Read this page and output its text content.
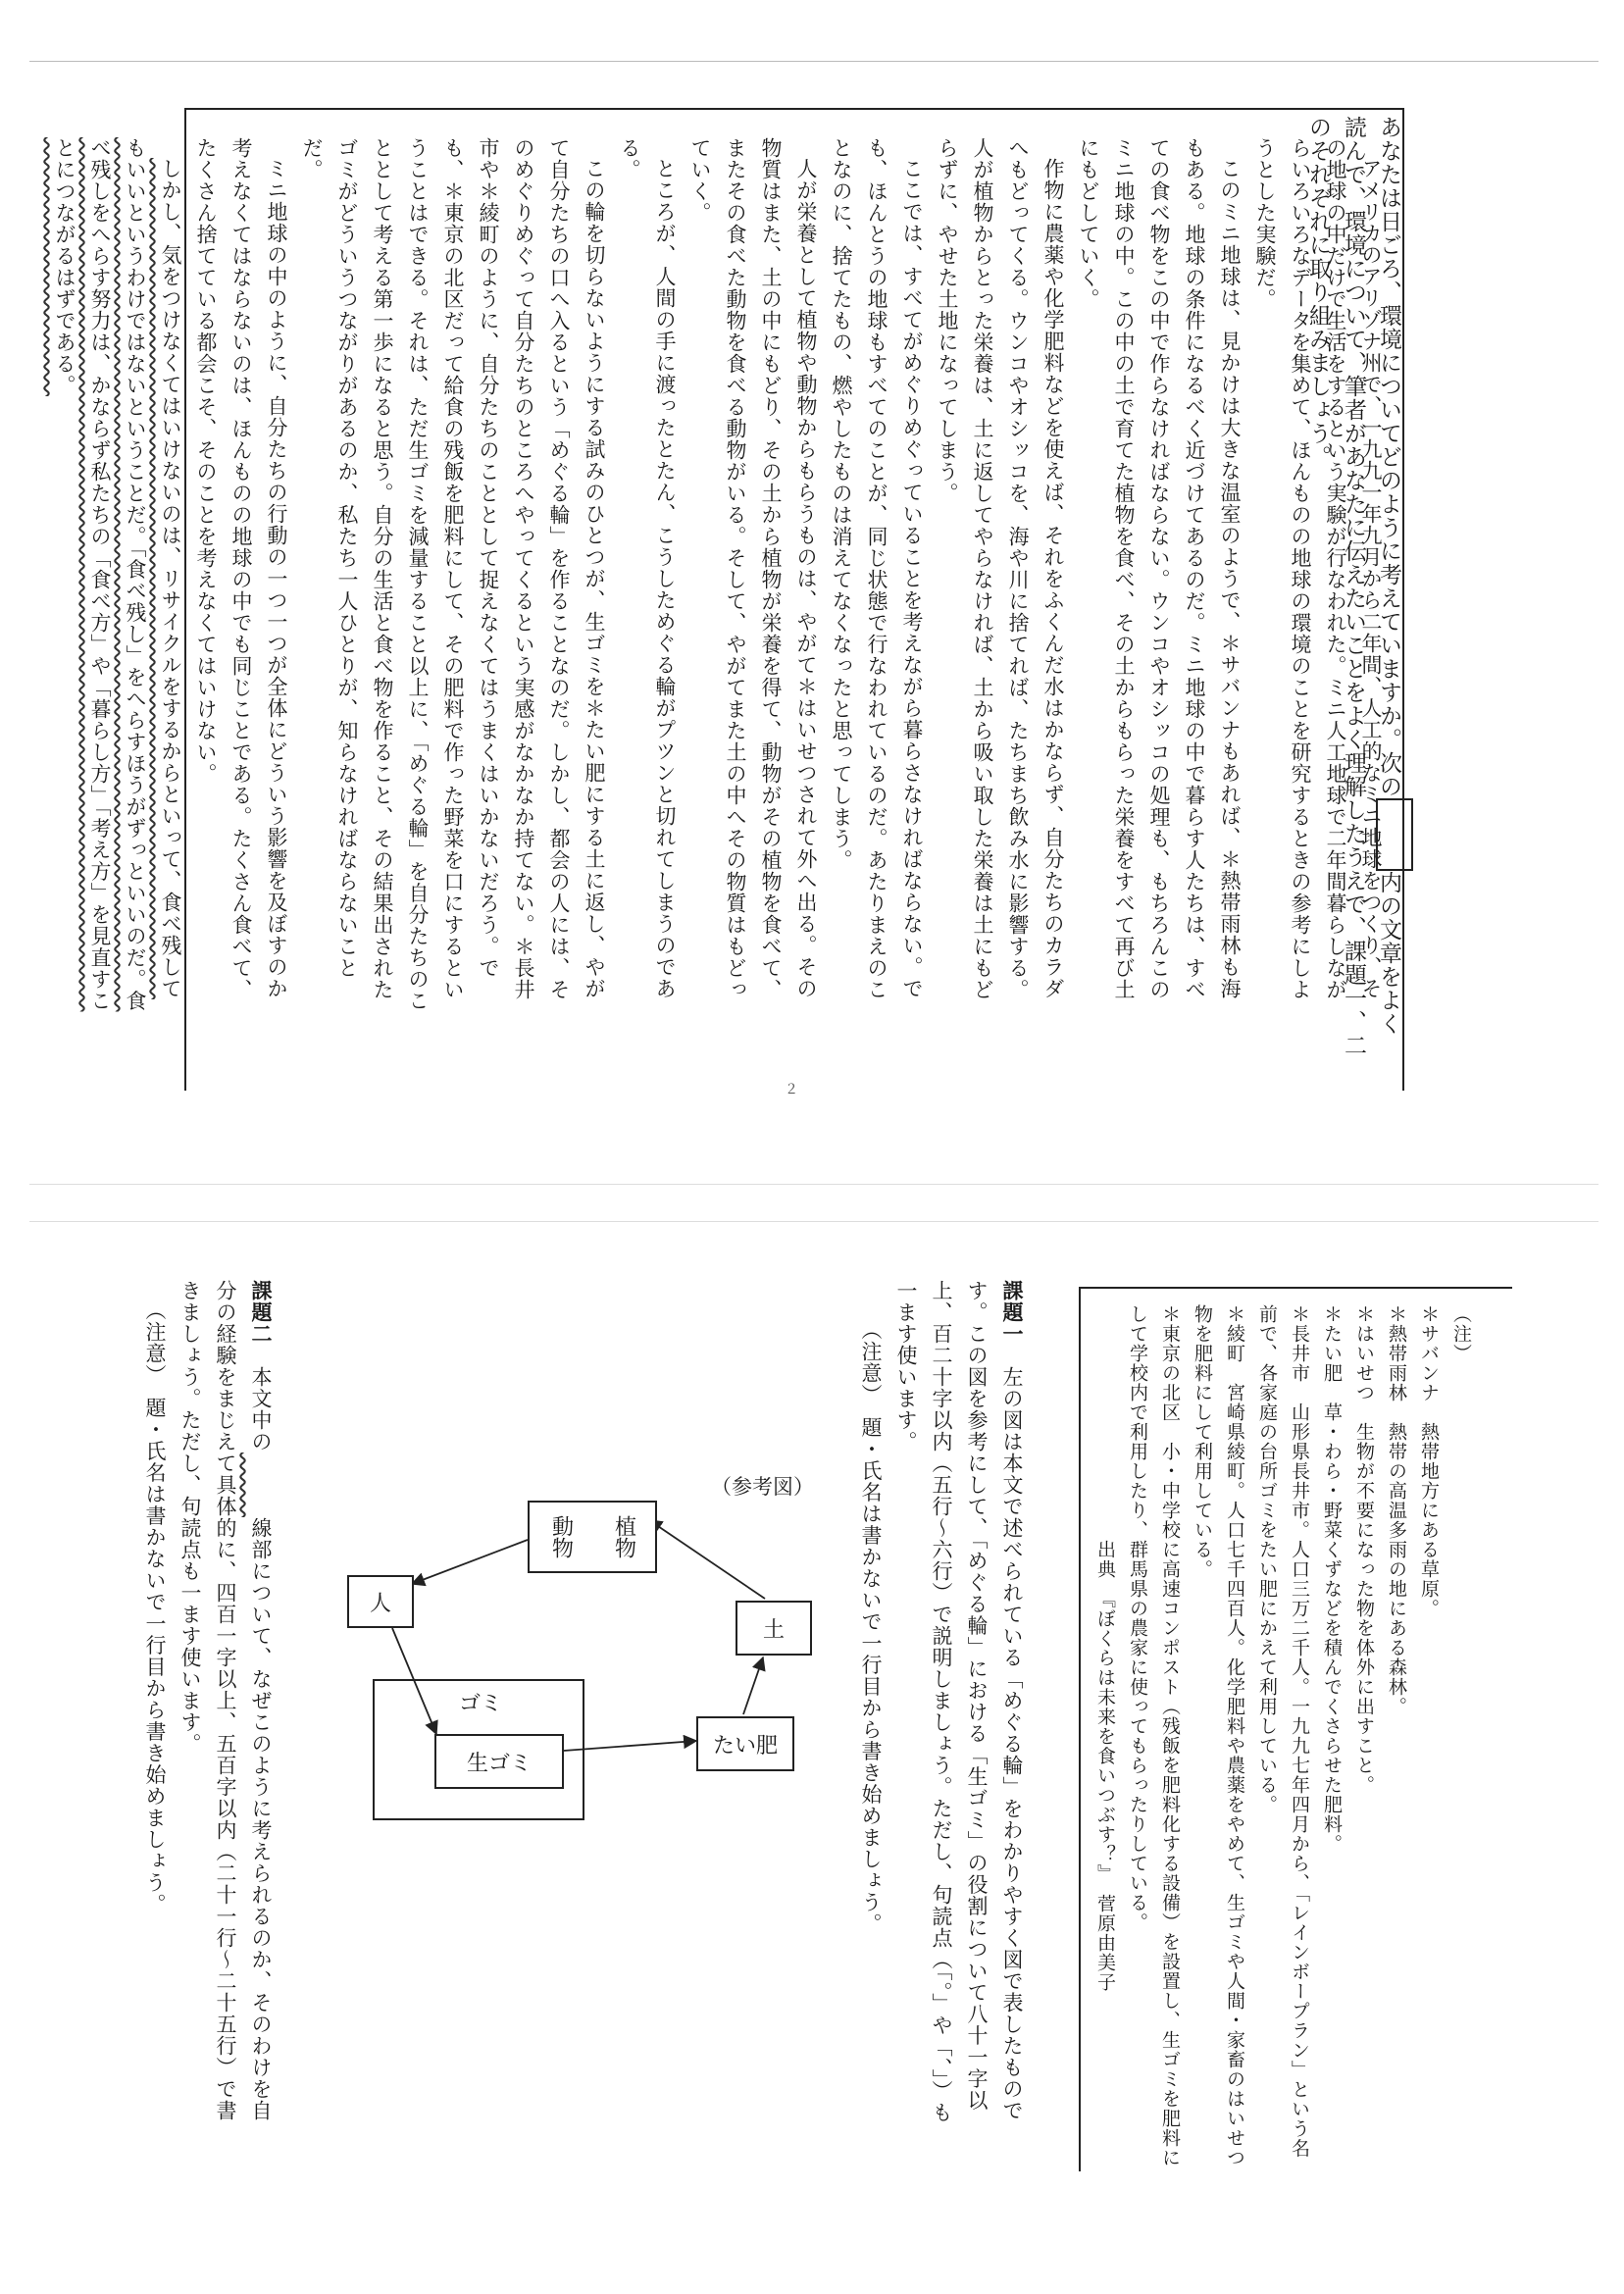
あなたは日ごろ、環境についてどのように考えていますか。次の内の文章をよく読んで、環境について、筆者があなたに伝えたいことをよく理解したうえで、課題一、二のそれぞれに取り組みましょう。	アメリカのアリゾナ州で、一九九一年九月から二年間、人工的なミニ地球をつくり、その地球の中だけで生活をするという実験が行なわれた。ミニ人工地球で二年間暮らしながらいろいろなデータを集めて、ほんものの地球の環境のことを研究するときの参考にしようとした実験だ。

このミニ地球は、見かけは大きな温室のようで、＊サバンナもあれば、＊熱帯雨林も海もある。地球の条件になるべく近づけてあるのだ。ミニ地球の中で暮らす人たちは、すべての食べ物をこの中で作らなければならない。ウンコやオシッコの処理も、もちろんこのミニ地球の中。この中の土で育てた植物を食べ、その土からもらった栄養をすべて再び土にもどしていく。

作物に農薬や化学肥料などを使えば、それをふくんだ水はかならず、自分たちのカラダへもどってくる。ウンコやオシッコを、海や川に捨てれば、たちまち飲み水に影響する。人が植物からとった栄養は、土に返してやらなければ、土から吸い取した栄養は土にもどらずに、やせた土地になってしまう。

ここでは、すべてがめぐりめぐっていることを考えながら暮らさなければならない。でも、ほんとうの地球もすべてのことが、同じ状態で行なわれているのだ。あたりまえのことなのに、捨てたもの、燃やしたものは消えてなくなったと思ってしまう。

人が栄養として植物や動物からもらうものは、やがて＊はいせつされて外へ出る。その物質はまた、土の中にもどり、その土から植物が栄養を得て、動物がその植物を食べて、またその食べた動物を食べる動物がいる。そして、やがてまた土の中へその物質はもどっていく。

ところが、人間の手に渡ったとたん、こうしためぐる輪がプツンと切れてしまうのである。

この輪を切らないようにする試みのひとつが、生ゴミを＊たい肥にする土に返し、やがて自分たちの口へ入るという「めぐる輪」を作ることなのだ。しかし、都会の人には、そのめぐりめぐって自分たちのところへやってくるという実感がなかなか持てない。＊長井市や＊綾町のように、自分たちのこととして捉えなくてはうまくはいかないだろう。でも、＊東京の北区だって給食の残飯を肥料にして、その肥料で作った野菜を口にするということはできる。それは、ただ生ゴミを減量すること以上に、「めぐる輪」を自分たちのこととして考える第一歩になると思う。自分の生活と食べ物を作ること、その結果出されたゴミがどういうつながりがあるのか、私たち一人ひとりが、知らなければならないことだ。

ミニ地球の中のように、自分たちの行動の一つ一つが全体にどういう影響を及ぼすのか考えなくてはならないのは、ほんものの地球の中でも同じことである。たくさん食べて、たくさん捨てている都会こそ、そのことを考えなくてはいけない。

しかし、気をつけなくてはいけないのは、リサイクルをするからといって、食べ残してもいいというわけではないということだ。「食べ残し」をへらすほうがずっといいのだ。食べ残しをへらす努力は、かならず私たちの「食べ方」や「暮らし方」「考え方」を見直すことにつながるはずである。

２
（注）
＊サバンナ　熱帯地方にある草原。
＊熱帯雨林　熱帯の高温多雨の地にある森林。
＊はいせつ　生物が不要になった物を体外に出すこと。
＊たい肥　草・わら・野菜くずなどを積んでくさらせた肥料。
＊長井市　山形県長井市。人口三万二千人。一九九七年四月から、「レインボープラン」という名前で、各家庭の台所ゴミをたい肥にかえて利用している。
＊綾町　宮崎県綾町。人口七千四百人。化学肥料や農薬をやめて、生ゴミや人間・家畜のはいせつ物を肥料にして利用している。
＊東京の北区　小・中学校に高速コンポスト（残飯を肥料化する設備）を設置し、生ゴミを肥料にして学校内で利用したり、群馬県の農家に使ってもらったりしている。
出典　『ぼくらは未来を食いつぶす？』　菅原由美子
課題一　左の図は本文で述べられている「めぐる輪」をわかりやすく図で表したものです。この図を参考にして、「めぐる輪」における「生ゴミ」の役割について八十一字以上、百二十字以内（五行～六行）で説明しましょう。ただし、句読点（「。」や「、」）も一ます使います。
（注意）　題・氏名は書かないで一行目から書き始めましょう。
（参考図）
動物 植物
人
土
ゴミ
生ゴミ
たい肥
課題二　本文中の　　　線部について、なぜこのように考えられるのか、そのわけを自分の経験をまじえて具体的に、四百一字以上、五百字以内（二十一行～二十五行）で書きましょう。ただし、句読点も一ます使います。
（注意）　題・氏名は書かないで一行目から書き始めましょう。
